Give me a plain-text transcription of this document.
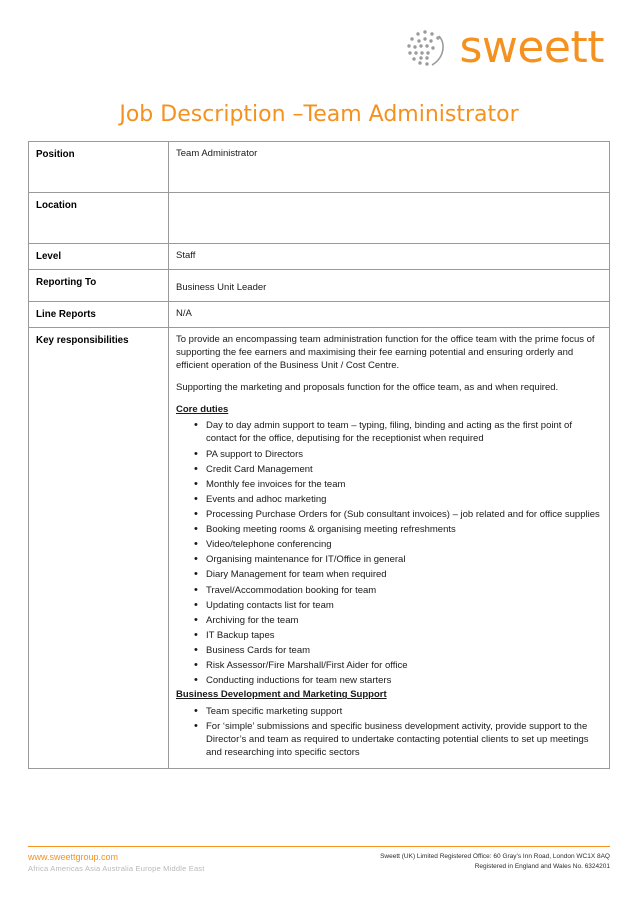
sweett
Job Description –Team Administrator
Position	Team Administrator
Location	
Level	Staff
Reporting To	Business Unit Leader
Line Reports	N/A
Key responsibilities	To provide an encompassing team administration function for the office team with the prime focus of supporting the fee earners and maximising their fee earning potential and ensuring orderly and efficient operation of the Business Unit / Cost Centre.

Supporting the marketing and proposals function for the office team, as and when required.

Core duties
• Day to day admin support to team – typing, filing, binding and acting as the first point of contact for the office, deputising for the receptionist when required
• PA support to Directors
• Credit Card Management
• Monthly fee invoices for the team
• Events and adhoc marketing
• Processing Purchase Orders for (Sub consultant invoices) – job related and for office supplies
• Booking meeting rooms & organising meeting refreshments
• Video/telephone conferencing
• Organising maintenance for IT/Office in general
• Diary Management for team when required
• Travel/Accommodation booking for team
• Updating contacts list for team
• Archiving for the team
• IT Backup tapes
• Business Cards for team
• Risk Assessor/Fire Marshall/First Aider for office
• Conducting inductions for team new starters
Business Development and Marketing Support
• Team specific marketing support
• For ‘simple’ submissions and specific business development activity, provide support to the Director’s and team as required to undertake contacting potential clients to set up meetings and researching into specific sectors
www.sweettgroup.com
Africa Americas Asia Australia Europe Middle East
Sweett (UK) Limited Registered Office: 60 Gray’s Inn Road, London WC1X 8AQ
Registered in England and Wales No. 6324201
